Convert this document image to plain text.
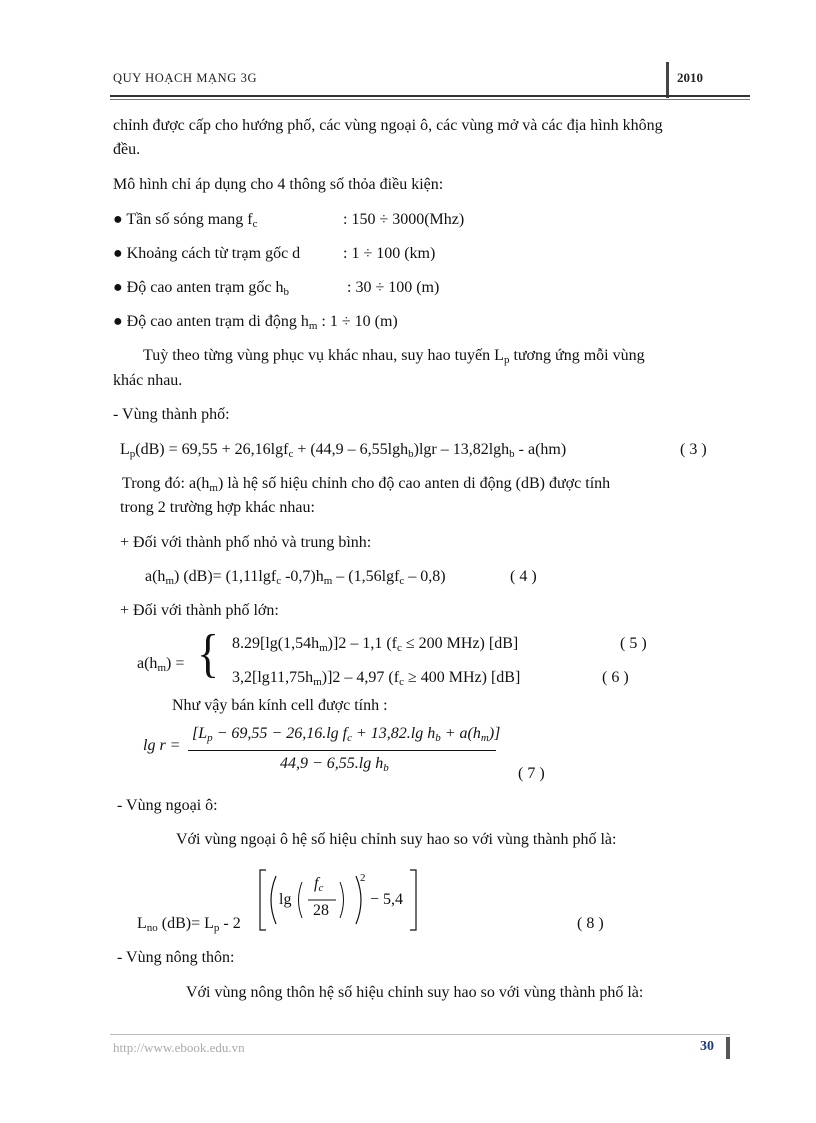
QUY HOẠCH MẠNG 3G	2010
chỉnh được cấp cho hướng phố, các vùng ngoại ô, các vùng mở và các địa hình không
đều.
Mô hình chỉ áp dụng cho 4 thông số thỏa điều kiện:
● Tần số sóng mang $f_c$	: 150 ÷ 3000(Mhz)
● Khoảng cách từ trạm gốc d	: 1 ÷ 100 (km)
● Độ cao anten trạm gốc $h_b$	: 30 ÷ 100 (m)
● Độ cao anten trạm di động $h_m$ : 1 ÷ 10 (m)
Tuỳ theo từng vùng phục vụ khác nhau, suy hao tuyến $L_p$ tương ứng mỗi vùng
khác nhau.
- Vùng thành phố:
$L_p(dB) = 69,55 + 26,16\lg f_c + (44,9 - 6,55\lg h_b)\lg r - 13,82\lg h_b - a(hm)$	( 3 )
Trong đó: $a(h_m)$ là hệ số hiệu chỉnh cho độ cao anten di động (dB) được tính
trong 2 trường hợp khác nhau:
+ Đối với thành phố nhỏ và trung bình:
$a(h_m)$ (dB)= (1,11lgf$_c$ $-0,7)h_m - (1,56\lg f_c - 0,8)$	( 4 )
+ Đối với thành phố lớn:
$a(h_m)$ = { $8.29[\lg(1,54h_m)]2 - 1,1$ ($f_c \le 200$ MHz) [dB]	( 5 )
$3,2[\lg 11,75h_m)]2 - 4,97$ ($f_c \ge 400$ MHz) [dB]	( 6 )
Như vậy bán kính cell được tính :
lg r =
[$L_p - 69,55 - 26,16.\lg$ $f_c + 13,82.\lg$ $h_b + a(h_m)$]
44,9 − 6,55.lg $h_b$	( 7 )
- Vùng ngoại ô:
Với vùng ngoại ô hệ số hiệu chỉnh suy hao so với vùng thành phố là:
$L_{no}$ $(dB)= L_p - 2$
lg
$f_c$
28
2
− 5,4
( 8 )
- Vùng nông thôn:
Với vùng nông thôn hệ số hiệu chỉnh suy hao so với vùng thành phố là:
http://www.ebook.edu.vn	30
